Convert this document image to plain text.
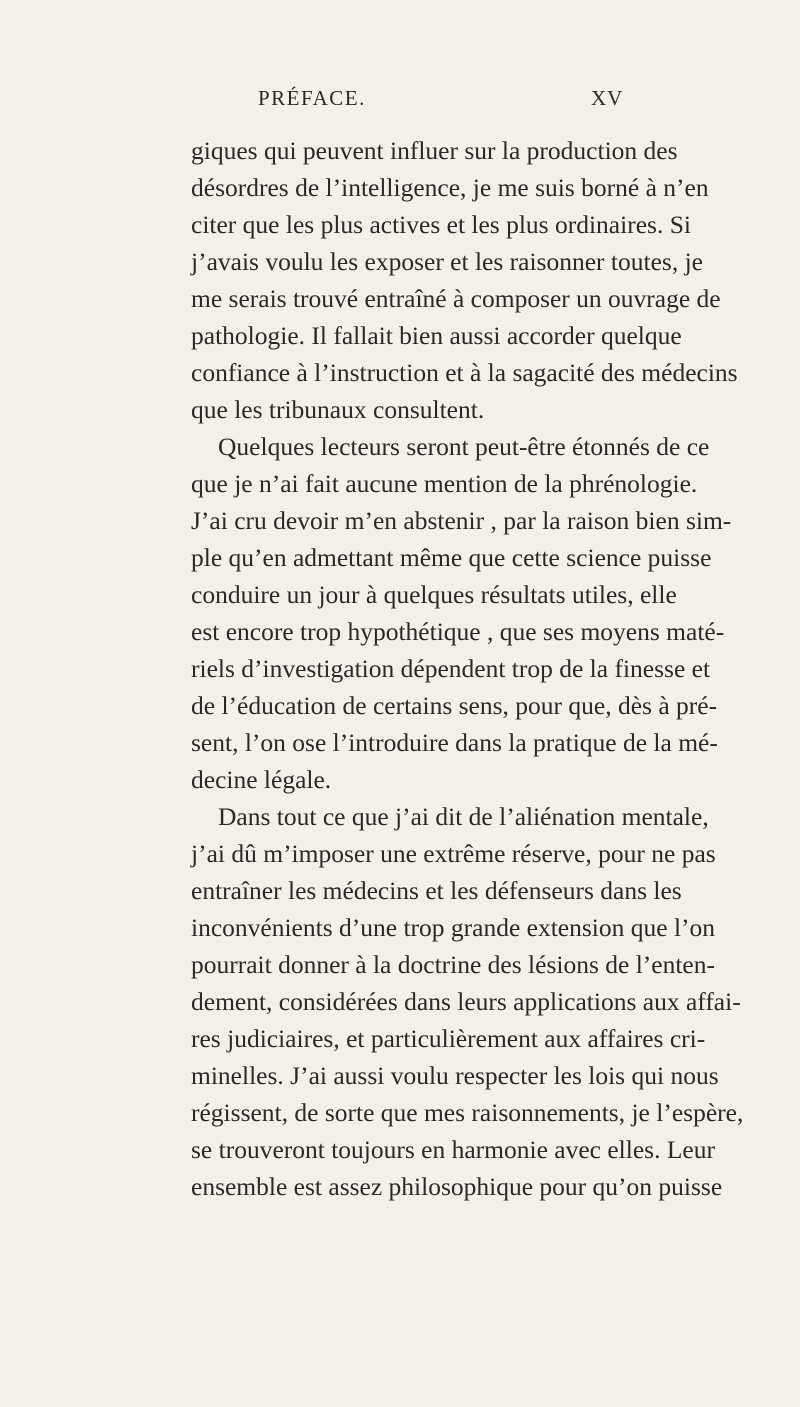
PRÉFACE.	XV
giques qui peuvent influer sur la production des
désordres de l’intelligence, je me suis borné à n’en
citer que les plus actives et les plus ordinaires. Si
j’avais voulu les exposer et les raisonner toutes, je
me serais trouvé entraîné à composer un ouvrage de
pathologie. Il fallait bien aussi accorder quelque
confiance à l’instruction et à la sagacité des médecins
que les tribunaux consultent.
Quelques lecteurs seront peut-être étonnés de ce
que je n’ai fait aucune mention de la phrénologie.
J’ai cru devoir m’en abstenir , par la raison bien sim-
ple qu’en admettant même que cette science puisse
conduire un jour à quelques résultats utiles, elle
est encore trop hypothétique , que ses moyens maté-
riels d’investigation dépendent trop de la finesse et
de l’éducation de certains sens, pour que, dès à pré-
sent, l’on ose l’introduire dans la pratique de la mé-
decine légale.
Dans tout ce que j’ai dit de l’aliénation mentale,
j’ai dû m’imposer une extrême réserve, pour ne pas
entraîner les médecins et les défenseurs dans les
inconvénients d’une trop grande extension que l’on
pourrait donner à la doctrine des lésions de l’enten-
dement, considérées dans leurs applications aux affai-
res judiciaires, et particulièrement aux affaires cri-
minelles. J’ai aussi voulu respecter les lois qui nous
régissent, de sorte que mes raisonnements, je l’espère,
se trouveront toujours en harmonie avec elles. Leur
ensemble est assez philosophique pour qu’on puisse
